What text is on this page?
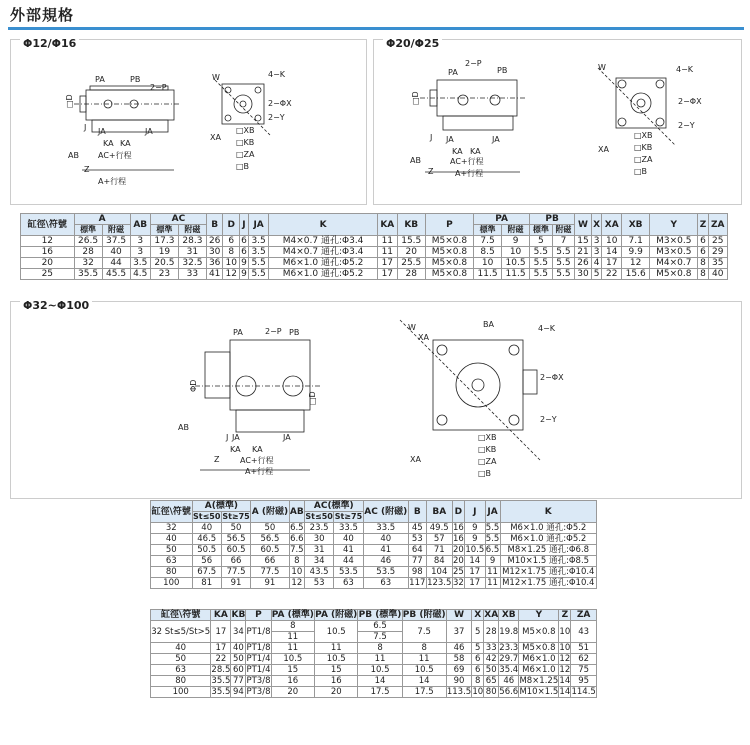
外部規格
Φ12/Φ16	Φ20/Φ25
Φ32~Φ100
PA	PB
2−P
□D
J JA	JA
KA KA
AB AC+行程
Z
A+行程
W
XA
4−K
2−ΦX
2−Y
□XB
□KB
□ZA
□B
PA	PB
2−P
□D
J JA	JA
KA KA
AB	AC+行程
Z	A+行程
W
XA
4−K
2−ΦX
2−Y
□XB
□KB
□ZA
□B
PA	PB
2−P
ΦD
□D
J JA	JA
KA KA
AB
AC+行程
Z
A+行程
W
XA
XA
BA	4−K
2−ΦX
2−Y
□XB
□KB
□ZA
□B
缸徑\符號	A		AB	AC		B	D	J	JA	K	KA	KB	P	PA		PB		W	X	XA	XB	Y	Z	ZA
	標準	附磁		標準	附磁									標準	附磁	標準	附磁							
12	26.5	37.5	3	17.3	28.3	26	6	6	3.5	M4×0.7 通孔:Φ3.4	11	15.5	M5×0.8	7.5	9	5	7	15	3	10	7.1	M3×0.5	6	25
16	28	40	3	19	31	30	8	6	3.5	M4×0.7 通孔:Φ3.4	11	20	M5×0.8	8.5	10	5.5	5.5	21	3	14	9.9	M3×0.5	6	29
20	32	44	3.5	20.5	32.5	36	10	9	5.5	M6×1.0 通孔:Φ5.2	17	25.5	M5×0.8	10	10.5	5.5	5.5	26	4	17	12	M4×0.7	8	35
25	35.5	45.5	4.5	23	33	41	12	9	5.5	M6×1.0 通孔:Φ5.2	17	28	M5×0.8	11.5	11.5	5.5	5.5	30	5	22	15.6	M5×0.8	8	40
缸徑\符號	A(標準)		A (附磁)	AB	AC(標準)		AC (附磁)	B	BA	D	J	JA	K
	St≤50	St≥75			St≤50	St≥75							
32	40	50	50	6.5	23.5	33.5	33.5	45	49.5	16	9	5.5	M6×1.0 通孔:Φ5.2
40	46.5	56.5	56.5	6.6	30	40	40	53	57	16	9	5.5	M6×1.0 通孔:Φ5.2
50	50.5	60.5	60.5	7.5	31	41	41	64	71	20	10.5	6.5	M8×1.25 通孔:Φ6.8
63	56	66	66	8	34	44	46	77	84	20	14	9	M10×1.5 通孔:Φ8.5
80	67.5	77.5	77.5	10	43.5	53.5	53.5	98	104	25	17	11	M12×1.75 通孔:Φ10.4
100	81	91	91	12	53	63	63	117	123.5	32	17	11	M12×1.75 通孔:Φ10.4
缸徑\符號	KA	KB	P	PA (標準)	PA (附磁)	PB (標準)	PB (附磁)	W	X	XA	XB	Y	Z	ZA
32 St≤5/St>5	17	34	PT1/8	8	10.5	6.5	7.5	37	5	28	19.8	M5×0.8	10	43
				11		7.5								
40	17	40	PT1/8	11	11	8	8	46	5	33	23.3	M5×0.8	10	51
50	22	50	PT1/4	10.5	10.5	11	11	58	6	42	29.7	M6×1.0	12	62
63	28.5	60	PT1/4	15	15	10.5	10.5	69	6	50	35.4	M6×1.0	12	75
80	35.5	77	PT3/8	16	16	14	14	90	8	65	46	M8×1.25	14	95
100	35.5	94	PT3/8	20	20	17.5	17.5	113.5	10	80	56.6	M10×1.5	14	114.5
